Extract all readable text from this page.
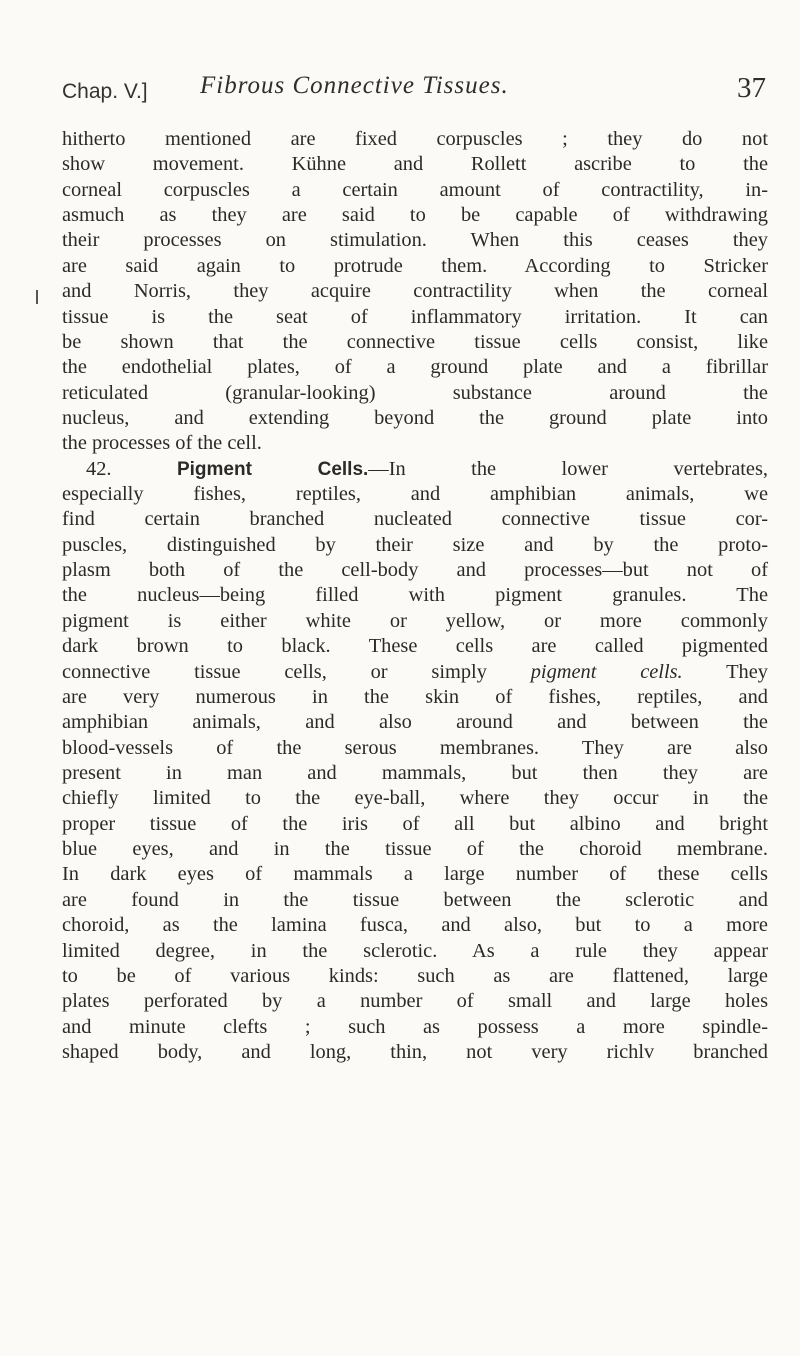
Chap. V.] Fibrous Connective Tissues.	37
hitherto mentioned are fixed corpuscles ; they do not
show movement. Kühne and Rollett ascribe to the
corneal corpuscles a certain amount of contractility, in-
asmuch as they are said to be capable of withdrawing
their processes on stimulation. When this ceases they
are said again to protrude them. According to Stricker
and Norris, they acquire contractility when the corneal
tissue is the seat of inflammatory irritation. It can
be shown that the connective tissue cells consist, like
the endothelial plates, of a ground plate and a fibrillar
reticulated (granular-looking) substance around the
nucleus, and extending beyond the ground plate into
the processes of the cell.
42.	Pigment Cells.—In the lower vertebrates,
especially fishes, reptiles, and amphibian animals, we
find certain branched nucleated connective tissue cor-
puscles, distinguished by their size and by the proto-
plasm both of the cell-body and processes—but not of
the nucleus—being filled with pigment granules. The
pigment is either white or yellow, or more commonly
dark brown to black. These cells are called pigmented
connective tissue cells, or simply pigment cells. They
are very numerous in the skin of fishes, reptiles, and
amphibian animals, and also around and between the
blood-vessels of the serous membranes. They are also
present in man and mammals, but then they are
chiefly limited to the eye-ball, where they occur in the
proper tissue of the iris of all but albino and bright
blue eyes, and in the tissue of the choroid membrane.
In dark eyes of mammals a large number of these cells
are found in the tissue between the sclerotic and
choroid, as the lamina fusca, and also, but to a more
limited degree, in the sclerotic. As a rule they appear
to be of various kinds: such as are flattened, large
plates perforated by a number of small and large holes
and minute clefts ; such as possess a more spindle-
shaped body, and long, thin, not very richlv branched
